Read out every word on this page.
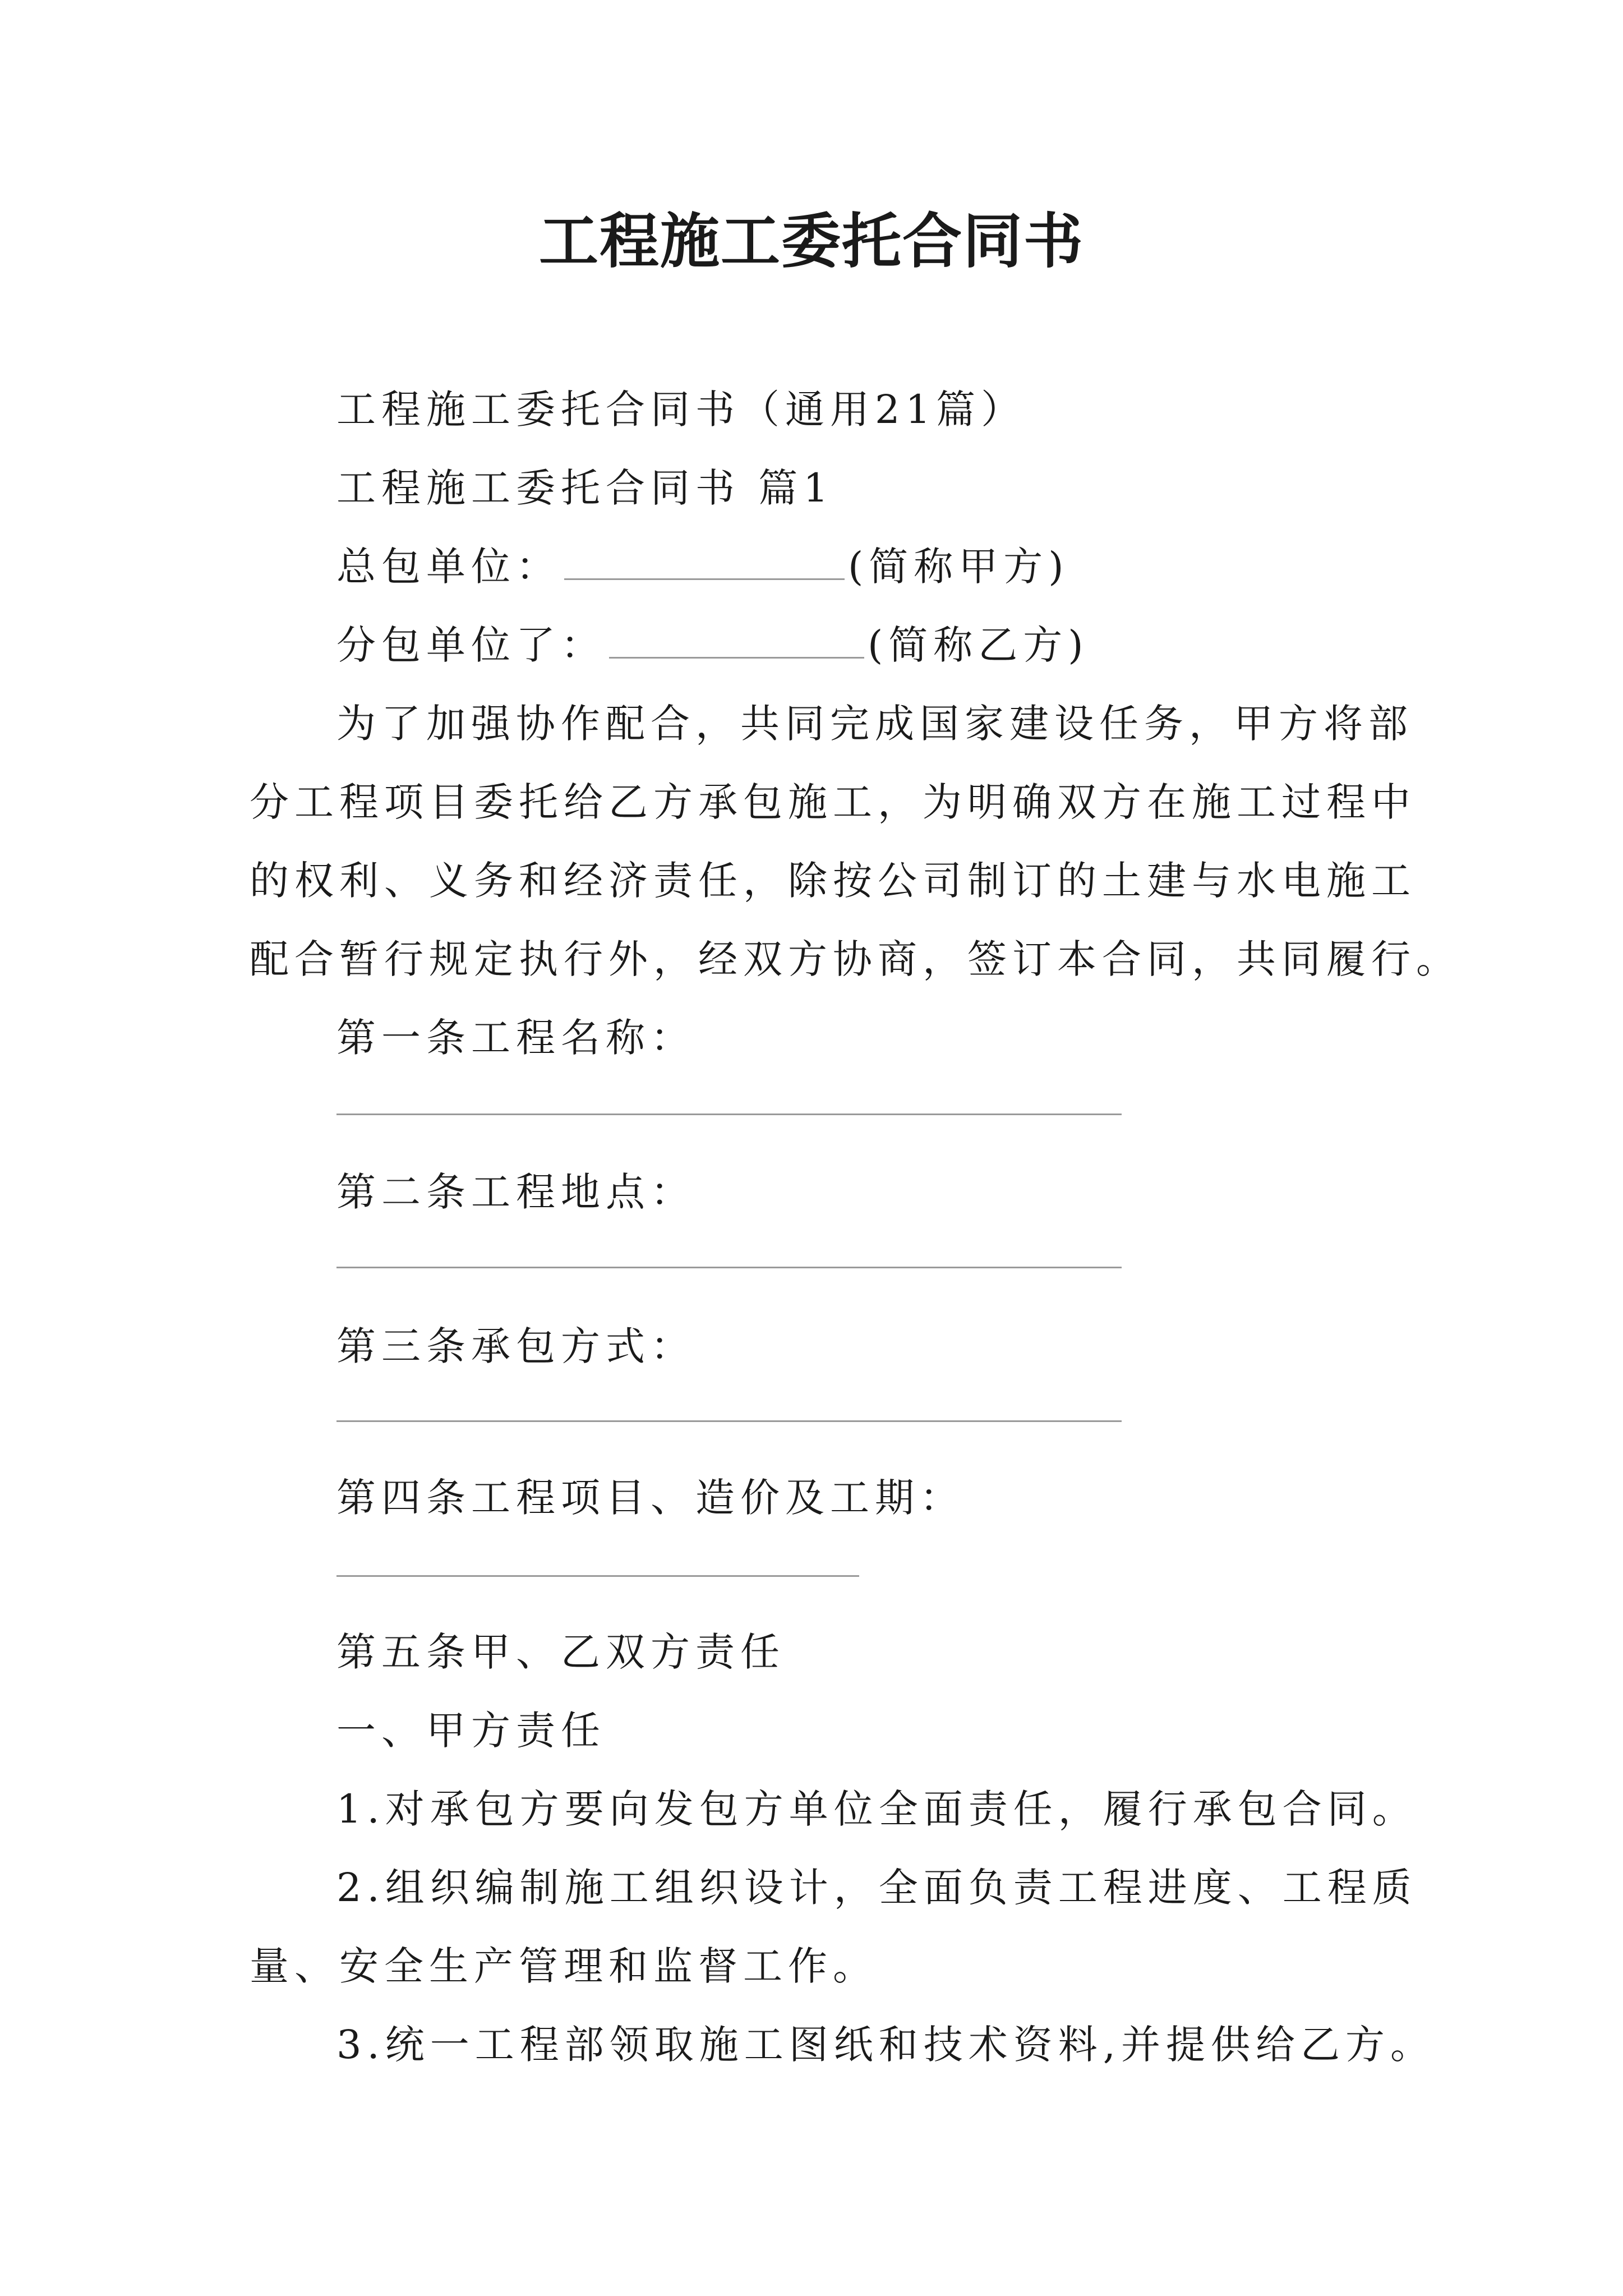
工程施工委托合同书
工程施工委托合同书（通用21篇）
工程施工委托合同书 篇1
总包单位：	(简称甲方)
分包单位了：	(简称乙方)
为了加强协作配合，共同完成国家建设任务，甲方将部
分工程项目委托给乙方承包施工，为明确双方在施工过程中
的权利、义务和经济责任，除按公司制订的土建与水电施工
配合暂行规定执行外，经双方协商，签订本合同，共同履行。
第一条工程名称：
第二条工程地点：
第三条承包方式：
第四条工程项目、造价及工期：
第五条甲、乙双方责任
一、甲方责任
1.对承包方要向发包方单位全面责任，履行承包合同。
2.组织编制施工组织设计，全面负责工程进度、工程质
量、安全生产管理和监督工作。
3.统一工程部领取施工图纸和技术资料,并提供给乙方。
